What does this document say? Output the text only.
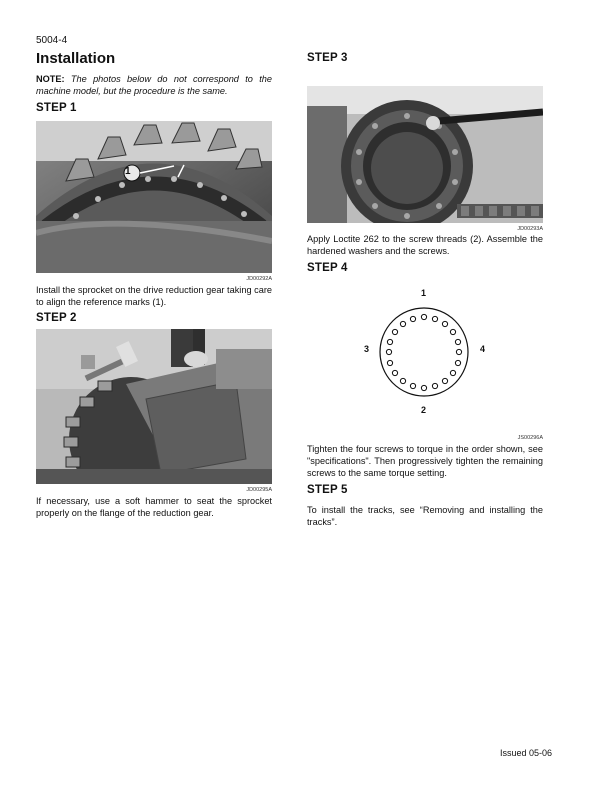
5004-4
Installation
NOTE: The photos below do not correspond to the machine model, but the procedure is the same.
STEP 1
1
JD00292A
Install the sprocket on the drive reduction gear taking care to align the reference marks (1).
STEP 2
JD00295A
If necessary, use a soft hammer to seat the sprocket properly on the flange of the reduction gear.
STEP 3
JD00293A
Apply Loctite 262 to the screw threads (2). Assemble the hardened washers and the screws.
STEP 4
1
4
2
3
JS00296A
Tighten the four screws to torque in the order shown, see "specifications". Then progressively tighten the remaining screws to the same torque setting.
STEP 5
To install the tracks, see “Removing and installing the tracks”.
Issued 05-06
